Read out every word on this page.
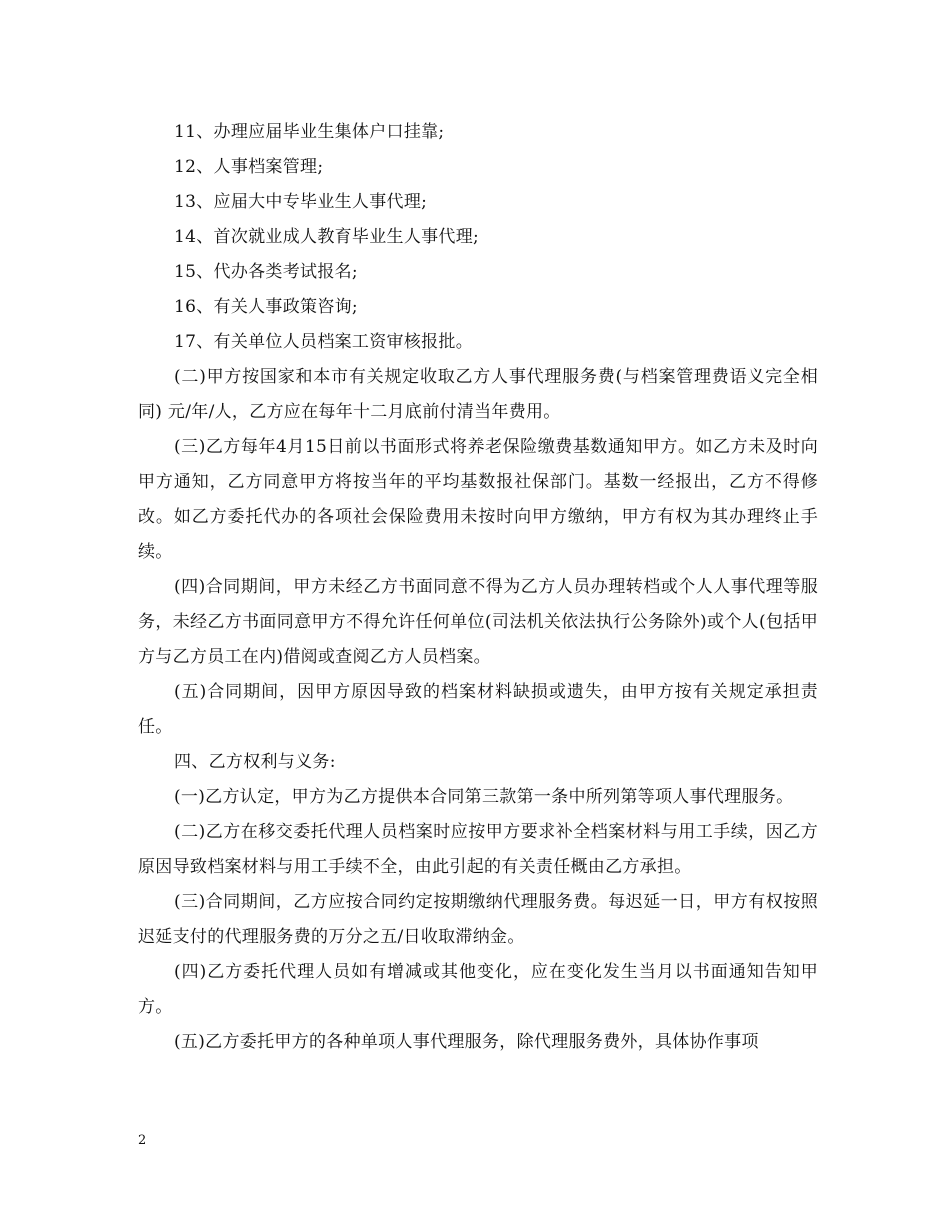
11、办理应届毕业生集体户口挂靠;

12、人事档案管理;

13、应届大中专毕业生人事代理;

14、首次就业成人教育毕业生人事代理;

15、代办各类考试报名;

16、有关人事政策咨询;

17、有关单位人员档案工资审核报批。

(二)甲方按国家和本市有关规定收取乙方人事代理服务费(与档案管理费语义完全相同) 元/年/人，乙方应在每年十二月底前付清当年费用。

(三)乙方每年4月15日前以书面形式将养老保险缴费基数通知甲方。如乙方未及时向甲方通知，乙方同意甲方将按当年的平均基数报社保部门。基数一经报出，乙方不得修改。如乙方委托代办的各项社会保险费用未按时向甲方缴纳，甲方有权为其办理终止手续。

(四)合同期间，甲方未经乙方书面同意不得为乙方人员办理转档或个人人事代理等服务，未经乙方书面同意甲方不得允许任何单位(司法机关依法执行公务除外)或个人(包括甲方与乙方员工在内)借阅或查阅乙方人员档案。

(五)合同期间，因甲方原因导致的档案材料缺损或遗失，由甲方按有关规定承担责任。

四、乙方权利与义务:

(一)乙方认定，甲方为乙方提供本合同第三款第一条中所列第等项人事代理服务。

(二)乙方在移交委托代理人员档案时应按甲方要求补全档案材料与用工手续，因乙方原因导致档案材料与用工手续不全，由此引起的有关责任概由乙方承担。

(三)合同期间，乙方应按合同约定按期缴纳代理服务费。每迟延一日，甲方有权按照迟延支付的代理服务费的万分之五/日收取滞纳金。

(四)乙方委托代理人员如有增减或其他变化，应在变化发生当月以书面通知告知甲方。

(五)乙方委托甲方的各种单项人事代理服务，除代理服务费外，具体协作事项

2
